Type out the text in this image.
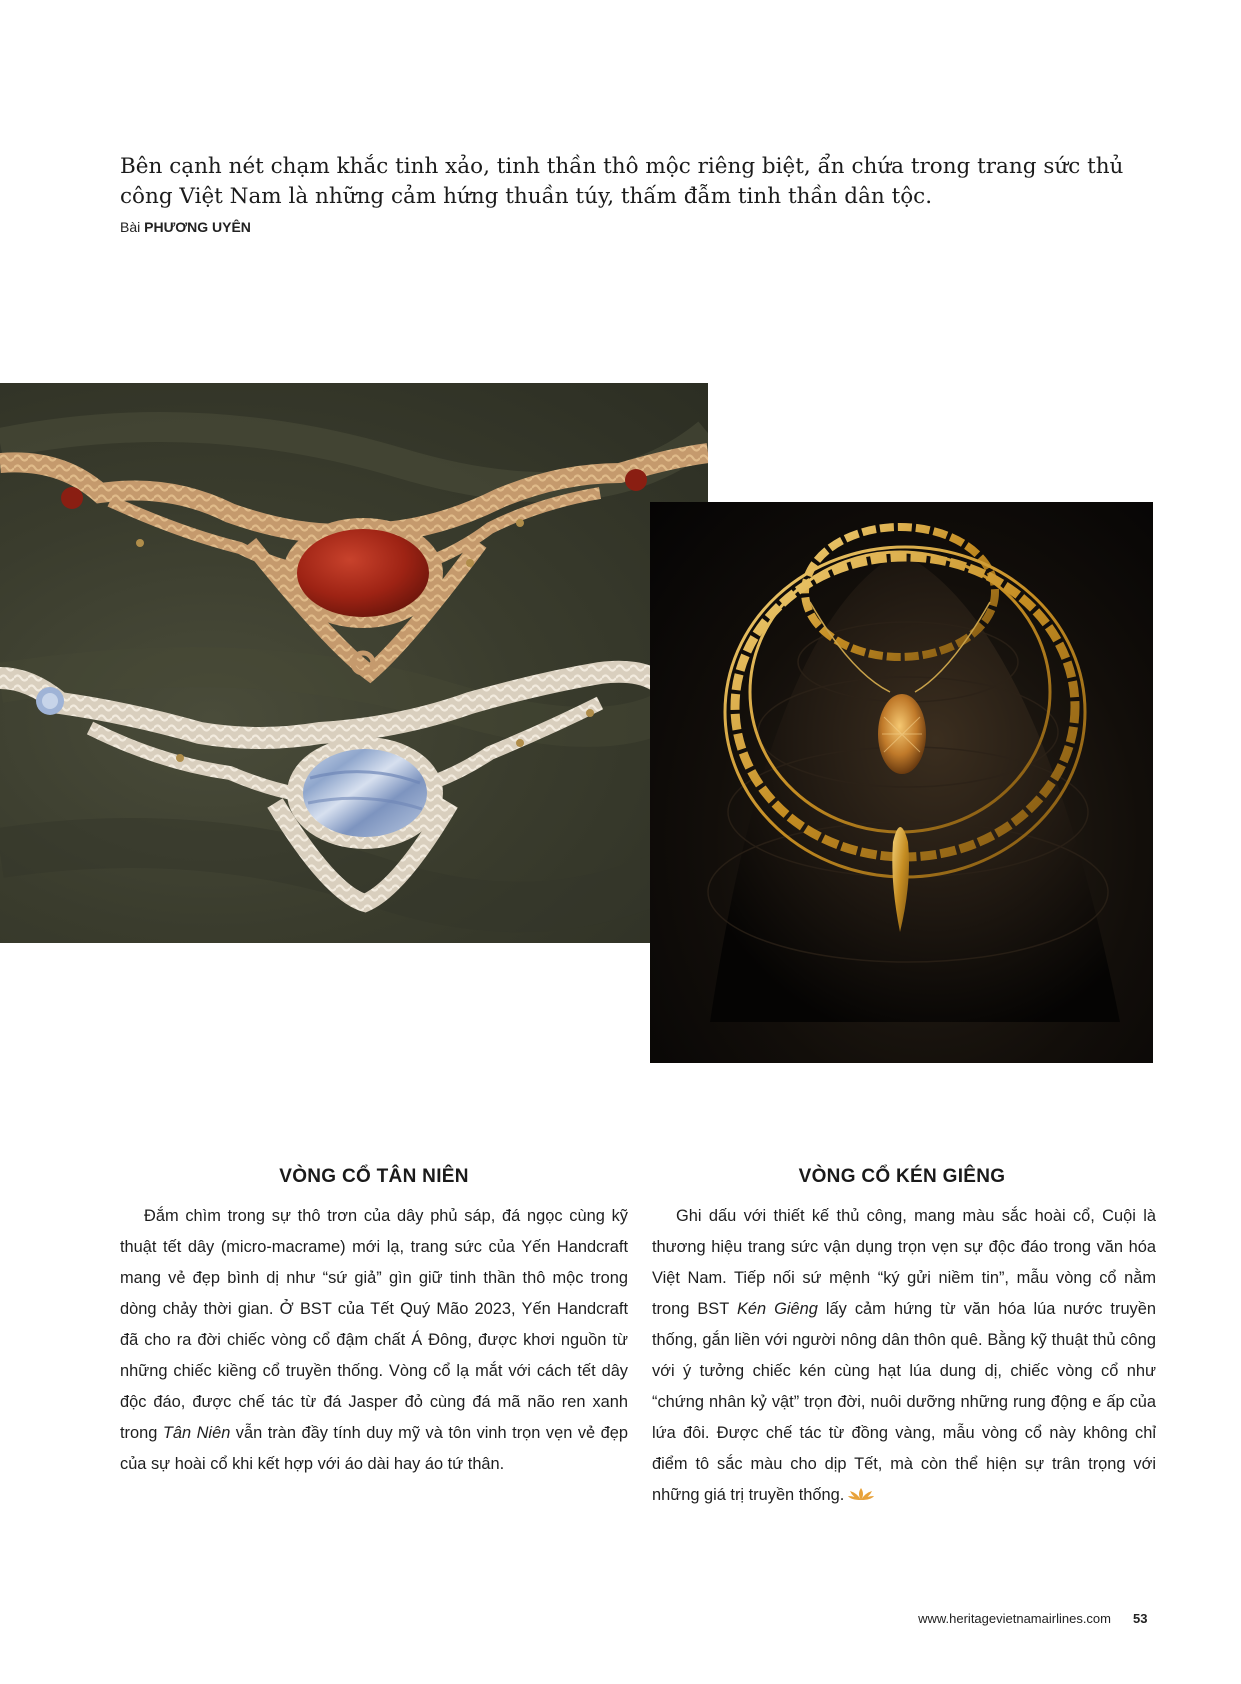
Bên cạnh nét chạm khắc tinh xảo, tinh thần thô mộc riêng biệt, ẩn chứa trong trang sức thủ công Việt Nam là những cảm hứng thuần túy, thấm đẫm tinh thần dân tộc.

Bài PHƯƠNG UYÊN
VÒNG CỔ TÂN NIÊN

Đắm chìm trong sự thô trơn của dây phủ sáp, đá ngọc cùng kỹ thuật tết dây (micro-macrame) mới lạ, trang sức của Yến Handcraft mang vẻ đẹp bình dị như “sứ giả” gìn giữ tinh thần thô mộc trong dòng chảy thời gian. Ở BST của Tết Quý Mão 2023, Yến Handcraft đã cho ra đời chiếc vòng cổ đậm chất Á Đông, được khơi nguồn từ những chiếc kiềng cổ truyền thống. Vòng cổ lạ mắt với cách tết dây độc đáo, được chế tác từ đá Jasper đỏ cùng đá mã não ren xanh trong Tân Niên vẫn tràn đầy tính duy mỹ và tôn vinh trọn vẹn vẻ đẹp của sự hoài cổ khi kết hợp với áo dài hay áo tứ thân.

VÒNG CỔ KÉN GIÊNG

Ghi dấu với thiết kế thủ công, mang màu sắc hoài cổ, Cuội là thương hiệu trang sức vận dụng trọn vẹn sự độc đáo trong văn hóa Việt Nam. Tiếp nối sứ mệnh “ký gửi niềm tin”, mẫu vòng cổ nằm trong BST Kén Giêng lấy cảm hứng từ văn hóa lúa nước truyền thống, gắn liền với người nông dân thôn quê. Bằng kỹ thuật thủ công với ý tưởng chiếc kén cùng hạt lúa dung dị, chiếc vòng cổ như “chứng nhân kỷ vật” trọn đời, nuôi dưỡng những rung động e ấp của lứa đôi. Được chế tác từ đồng vàng, mẫu vòng cổ này không chỉ điểm tô sắc màu cho dịp Tết, mà còn thể hiện sự trân trọng với những giá trị truyền thống.

www.heritagevietnamairlines.com 53
